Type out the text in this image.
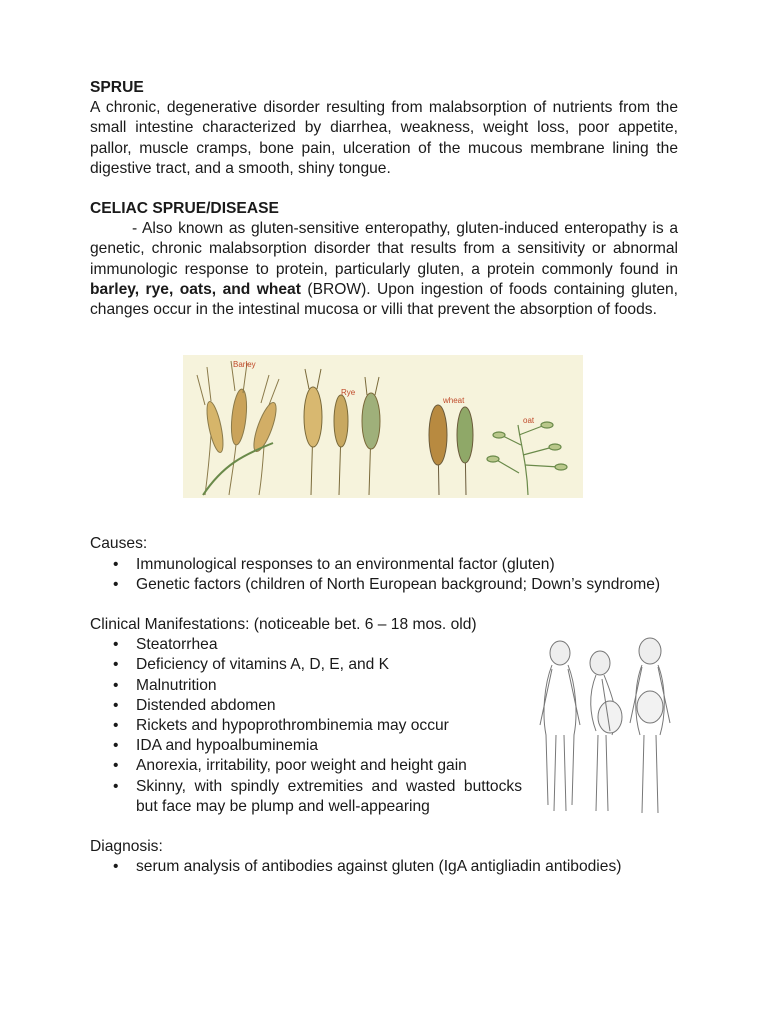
SPRUE

A chronic, degenerative disorder resulting from malabsorption of nutrients from the small intestine characterized by diarrhea, weakness, weight loss, poor appetite, pallor, muscle cramps, bone pain, ulceration of the mucous membrane lining the digestive tract, and a smooth, shiny tongue.

CELIAC SPRUE/DISEASE

- Also known as gluten-sensitive enteropathy, gluten-induced enteropathy is a genetic, chronic malabsorption disorder that results from a sensitivity or abnormal immunologic response to protein, particularly gluten, a protein commonly found in barley, rye, oats, and wheat (BROW). Upon ingestion of foods containing gluten, changes occur in the intestinal mucosa or villi that prevent the absorption of foods.

Barley
Rye
wheat
oat

Causes:

• Immunological responses to an environmental factor (gluten)
• Genetic factors (children of North European background; Down’s syndrome)

Clinical Manifestations: (noticeable bet. 6 – 18 mos. old)

• Steatorrhea
• Deficiency of vitamins A, D, E, and K
• Malnutrition
• Distended abdomen
• Rickets and hypoprothrombinemia may occur
• IDA and hypoalbuminemia
• Anorexia, irritability, poor weight and height gain
• Skinny, with spindly extremities and wasted buttocks but face may be plump and well-appearing

Diagnosis:

• serum analysis of antibodies against gluten (IgA antigliadin antibodies)
